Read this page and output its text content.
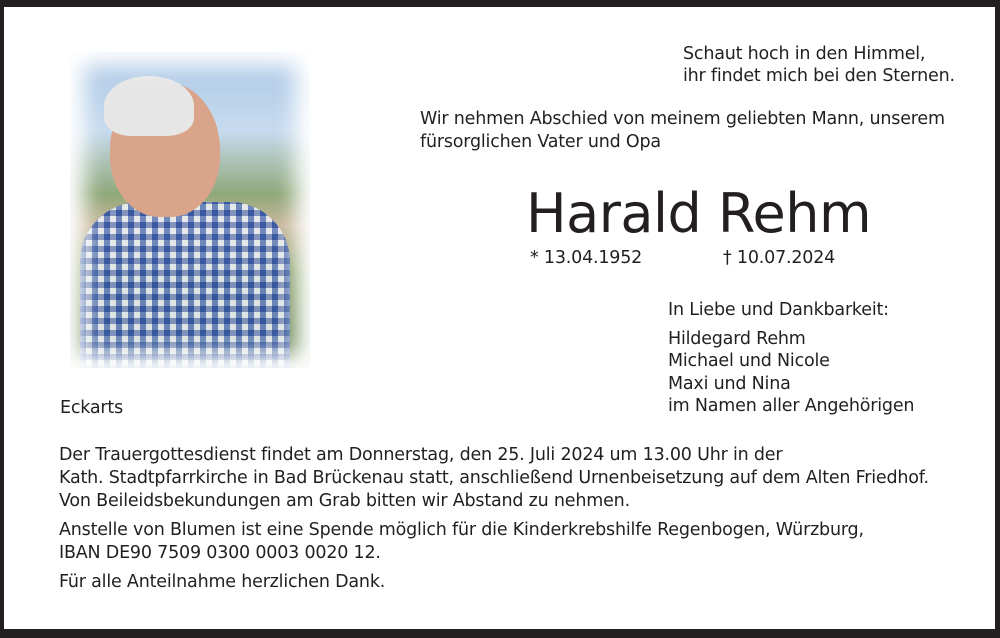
Schaut hoch in den Himmel,
ihr findet mich bei den Sternen.
Wir nehmen Abschied von meinem geliebten Mann, unserem
fürsorglichen Vater und Opa
Harald Rehm
* 13.04.1952	† 10.07.2024
In Liebe und Dankbarkeit:
Hildegard Rehm
Michael und Nicole
Maxi und Nina
im Namen aller Angehörigen
Eckarts
Der Trauergottesdienst findet am Donnerstag, den 25. Juli 2024 um 13.00 Uhr in der
Kath. Stadtpfarrkirche in Bad Brückenau statt, anschließend Urnenbeisetzung auf dem Alten Friedhof.
Von Beileidsbekundungen am Grab bitten wir Abstand zu nehmen.
Anstelle von Blumen ist eine Spende möglich für die Kinderkrebshilfe Regenbogen, Würzburg,
IBAN DE90 7509 0300 0003 0020 12.
Für alle Anteilnahme herzlichen Dank.
